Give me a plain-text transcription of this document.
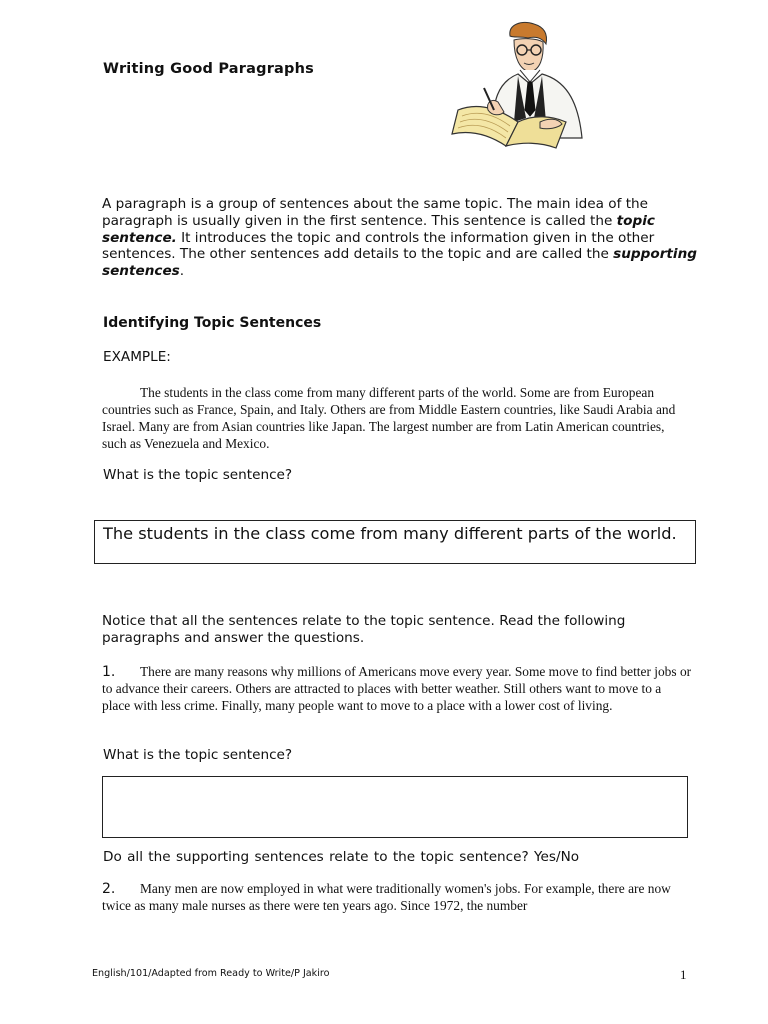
Writing Good Paragraphs
A paragraph is a group of sentences about the same topic. The main idea of the paragraph is usually given in the first sentence. This sentence is called the topic sentence. It introduces the topic and controls the information given in the other sentences. The other sentences add details to the topic and are called the supporting sentences.
Identifying Topic Sentences
EXAMPLE:
The students in the class come from many different parts of the world. Some are from European countries such as France, Spain, and Italy. Others are from Middle Eastern countries, like Saudi Arabia and Israel. Many are from Asian countries like Japan. The largest number are from Latin American countries, such as Venezuela and Mexico.
What is the topic sentence?
The students in the class come from many different parts of the world.
Notice that all the sentences relate to the topic sentence. Read the following paragraphs and answer the questions.
1. There are many reasons why millions of Americans move every year. Some move to find better jobs or to advance their careers. Others are attracted to places with better weather. Still others want to move to a place with less crime. Finally, many people want to move to a place with a lower cost of living.
What is the topic sentence?
Do all the supporting sentences relate to the topic sentence? Yes/No
2. Many men are now employed in what were traditionally women's jobs. For example, there are now twice as many male nurses as there were ten years ago. Since 1972, the number
English/101/Adapted from Ready to Write/P Jakiro	1
